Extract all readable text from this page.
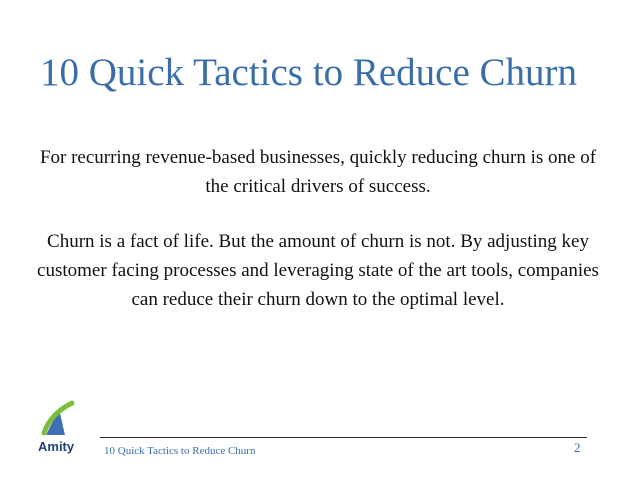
10 Quick Tactics to Reduce Churn

For recurring revenue-based businesses, quickly reducing churn is one of the critical drivers of success.

Churn is a fact of life. But the amount of churn is not. By adjusting key customer facing processes and leveraging state of the art tools, companies can reduce their churn down to the optimal level.

Amity	10 Quick Tactics to Reduce Churn	2
